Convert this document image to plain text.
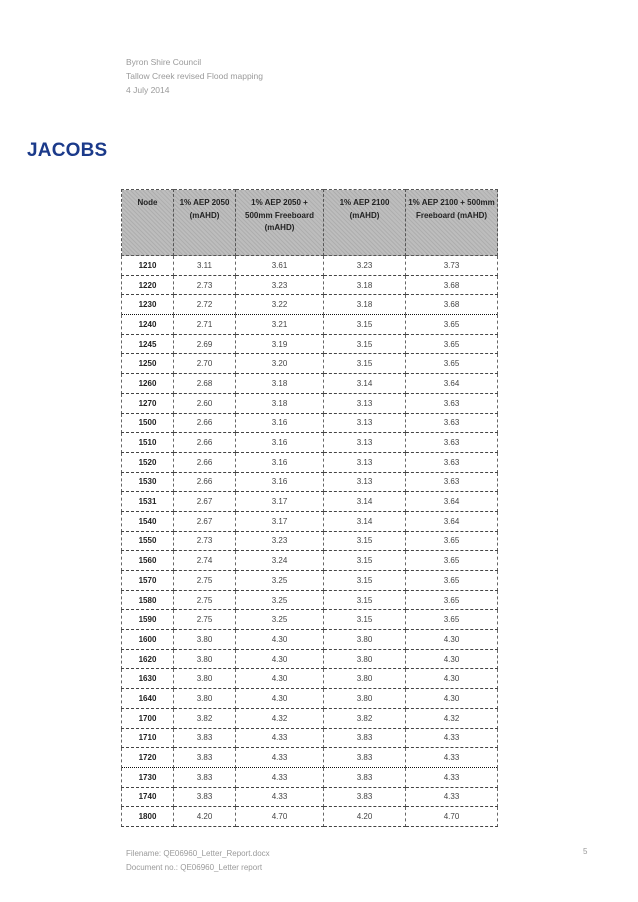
Byron Shire Council
Tallow Creek revised Flood mapping
4 July 2014
JACOBS
Node	1% AEP 2050 (mAHD)	1% AEP 2050 + 500mm Freeboard (mAHD)	1% AEP 2100 (mAHD)	1% AEP 2100 + 500mm Freeboard (mAHD)
1210	3.11	3.61	3.23	3.73
1220	2.73	3.23	3.18	3.68
1230	2.72	3.22	3.18	3.68
1240	2.71	3.21	3.15	3.65
1245	2.69	3.19	3.15	3.65
1250	2.70	3.20	3.15	3.65
1260	2.68	3.18	3.14	3.64
1270	2.60	3.18	3.13	3.63
1500	2.66	3.16	3.13	3.63
1510	2.66	3.16	3.13	3.63
1520	2.66	3.16	3.13	3.63
1530	2.66	3.16	3.13	3.63
1531	2.67	3.17	3.14	3.64
1540	2.67	3.17	3.14	3.64
1550	2.73	3.23	3.15	3.65
1560	2.74	3.24	3.15	3.65
1570	2.75	3.25	3.15	3.65
1580	2.75	3.25	3.15	3.65
1590	2.75	3.25	3.15	3.65
1600	3.80	4.30	3.80	4.30
1620	3.80	4.30	3.80	4.30
1630	3.80	4.30	3.80	4.30
1640	3.80	4.30	3.80	4.30
1700	3.82	4.32	3.82	4.32
1710	3.83	4.33	3.83	4.33
1720	3.83	4.33	3.83	4.33
1730	3.83	4.33	3.83	4.33
1740	3.83	4.33	3.83	4.33
1800	4.20	4.70	4.20	4.70
Filename: QE06960_Letter_Report.docx
Document no.: QE06960_Letter report
5
